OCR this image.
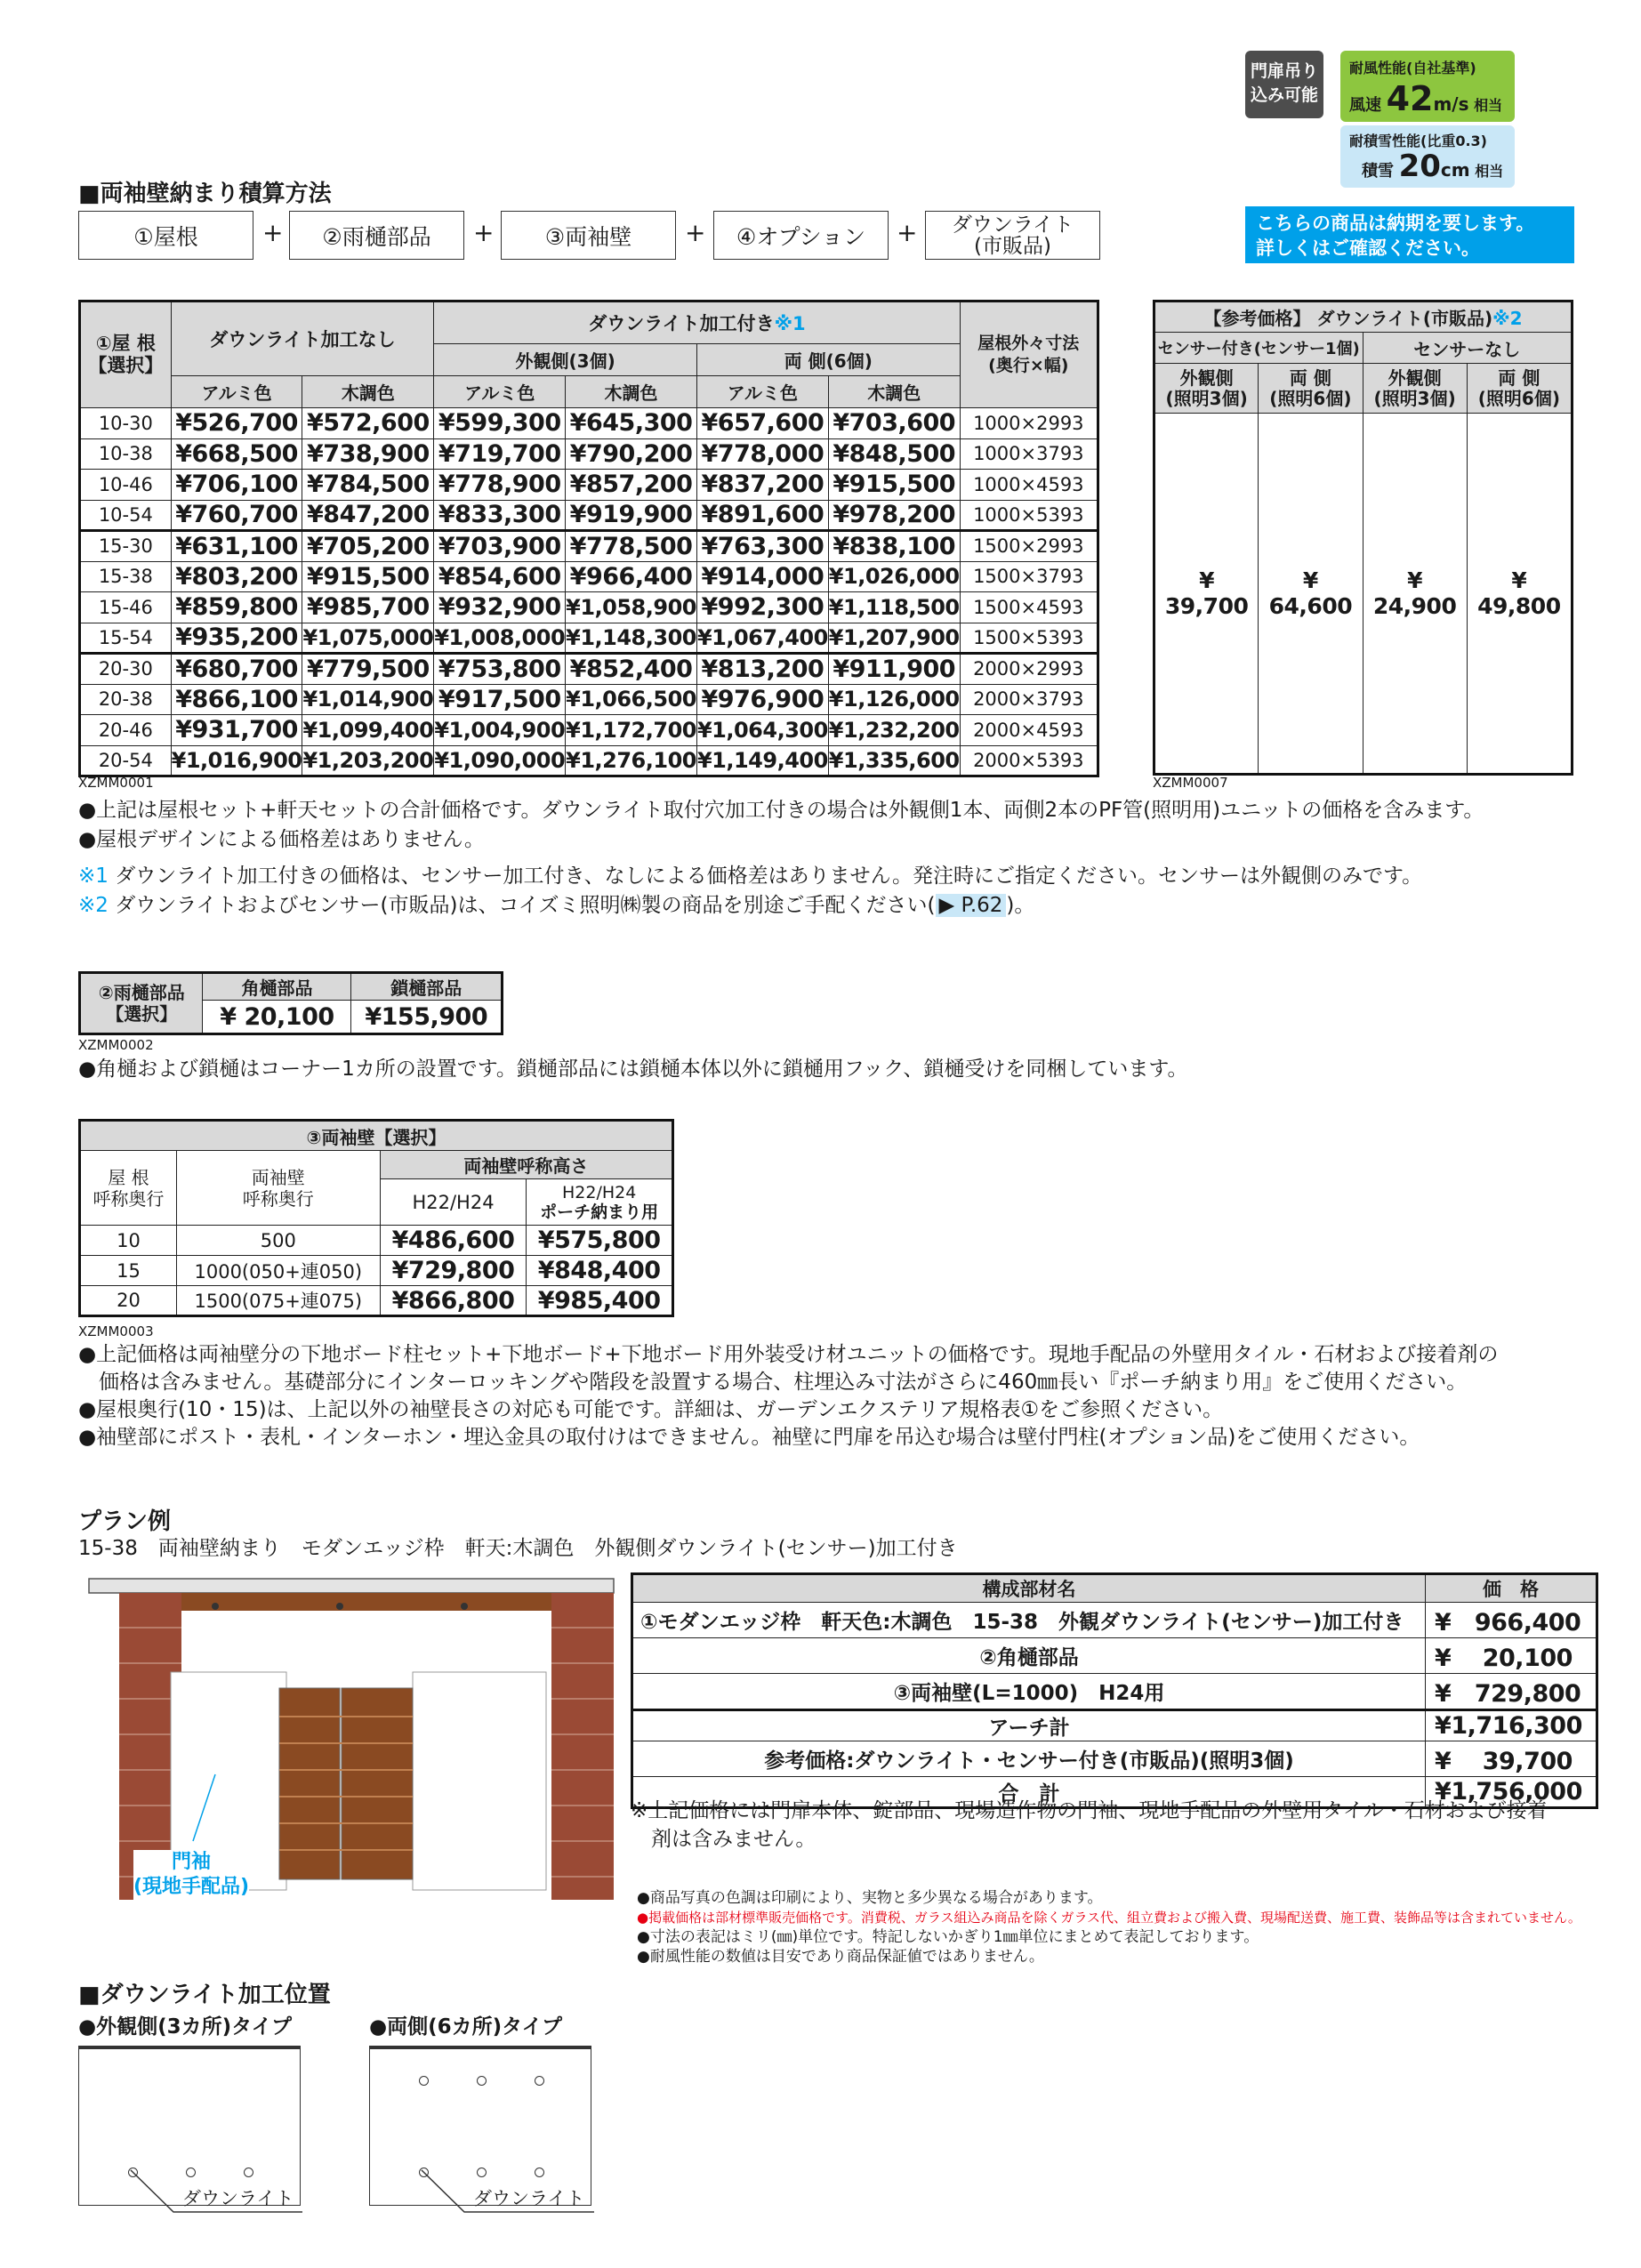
門扉吊り
込み可能
耐風性能(自社基準)
風速 42m/s 相当
耐積雪性能(比重0.3)
積雪 20cm 相当
こちらの商品は納期を要します。
詳しくはご確認ください。
■両袖壁納まり積算方法
①屋根	+	②雨樋部品	+	③両袖壁	+	④オプション	+ ダウンライト
(市販品)
①屋 根
【選択】	ダウンライト加工なし		ダウンライト加工付き※1				屋根外々寸法
(奥行×幅)
			外観側(3個)		両 側(6個)		
	アルミ色	木調色	アルミ色	木調色	アルミ色	木調色	
10-30	¥526,700	¥572,600	¥599,300	¥645,300	¥657,600	¥703,600	1000×2993
10-38	¥668,500	¥738,900	¥719,700	¥790,200	¥778,000	¥848,500	1000×3793
10-46	¥706,100	¥784,500	¥778,900	¥857,200	¥837,200	¥915,500	1000×4593
10-54	¥760,700	¥847,200	¥833,300	¥919,900	¥891,600	¥978,200	1000×5393
15-30	¥631,100	¥705,200	¥703,900	¥778,500	¥763,300	¥838,100	1500×2993
15-38	¥803,200	¥915,500	¥854,600	¥966,400	¥914,000	¥1,026,000	1500×3793
15-46	¥859,800	¥985,700	¥932,900	¥1,058,900	¥992,300	¥1,118,500	1500×4593
15-54	¥935,200	¥1,075,000	¥1,008,000	¥1,148,300	¥1,067,400	¥1,207,900	1500×5393
20-30	¥680,700	¥779,500	¥753,800	¥852,400	¥813,200	¥911,900	2000×2993
20-38	¥866,100	¥1,014,900	¥917,500	¥1,066,500	¥976,900	¥1,126,000	2000×3793
20-46	¥931,700	¥1,099,400	¥1,004,900	¥1,172,700	¥1,064,300	¥1,232,200	2000×4593
20-54	¥1,016,900	¥1,203,200	¥1,090,000	¥1,276,100	¥1,149,400	¥1,335,600	2000×5393
XZMM0001
【参考価格】 ダウンライト(市販品)※2			
センサー付き(センサー1個)		センサーなし	
外観側
(照明3個)	両 側
(照明6個)	外観側
(照明3個)	両 側
(照明6個)
¥ 39,700	¥ 64,600	¥ 24,900	¥ 49,800
XZMM0007
●上記は屋根セット+軒天セットの合計価格です。ダウンライト取付穴加工付きの場合は外観側1本、両側2本のPF管(照明用)ユニットの価格を含みます。
●屋根デザインによる価格差はありません。
※1 ダウンライト加工付きの価格は、センサー加工付き、なしによる価格差はありません。発注時にご指定ください。センサーは外観側のみです。
※2 ダウンライトおよびセンサー(市販品)は、コイズミ照明㈱製の商品を別途ご手配ください( ▶ P.62 )。
②雨樋部品
【選択】	角樋部品	鎖樋部品
	¥ 20,100	¥155,900
XZMM0002
●角樋および鎖樋はコーナー1カ所の設置です。鎖樋部品には鎖樋本体以外に鎖樋用フック、鎖樋受けを同梱しています。
③両袖壁【選択】			
屋 根
呼称奥行	両袖壁
呼称奥行	両袖壁呼称高さ	
		H22/H24	H22/H24
ポーチ納まり用

10	500	¥486,600	¥575,800
15	1000(050+連050)	¥729,800	¥848,400
20	1500(075+連075)	¥866,800	¥985,400
XZMM0003
●上記価格は両袖壁分の下地ボード柱セット+下地ボード+下地ボード用外装受け材ユニットの価格です。現地手配品の外壁用タイル・石材および接着剤の
　価格は含みません。基礎部分にインターロッキングや階段を設置する場合、柱埋込み寸法がさらに460㎜長い『ポーチ納まり用』をご使用ください。
●屋根奥行(10・15)は、上記以外の袖壁長さの対応も可能です。詳細は、ガーデンエクステリア規格表①をご参照ください。
●袖壁部にポスト・表札・インターホン・埋込金具の取付けはできません。袖壁に門扉を吊込む場合は壁付門柱(オプション品)をご使用ください。
プラン例
15-38　両袖壁納まり　モダンエッジ枠　軒天:木調色　外観側ダウンライト(センサー)加工付き
門袖
(現地手配品)
構成部材名	価　格
①モダンエッジ枠　軒天色:木調色　15-38　外観ダウンライト(センサー)加工付き	¥　966,400
②角樋部品	¥　 20,100
③両袖壁(L=1000)　H24用	¥　729,800
アーチ計	¥1,716,300
参考価格:ダウンライト・センサー付き(市販品)(照明3個)	¥　 39,700
合　計	¥1,756,000
※上記価格には門扉本体、錠部品、現場造作物の門袖、現地手配品の外壁用タイル・石材および接着
　剤は含みません。
●商品写真の色調は印刷により、実物と多少異なる場合があります。
●掲載価格は部材標準販売価格です。消費税、ガラス組込み商品を除くガラス代、組立費および搬入費、現場配送費、施工費、装飾品等は含まれていません。
●寸法の表記はミリ(㎜)単位です。特記しないかぎり1㎜単位にまとめて表記しております。
●耐風性能の数値は目安であり商品保証値ではありません。
■ダウンライト加工位置
●外観側(3カ所)タイプ	●両側(6カ所)タイプ
ダウンライト	ダウンライト
